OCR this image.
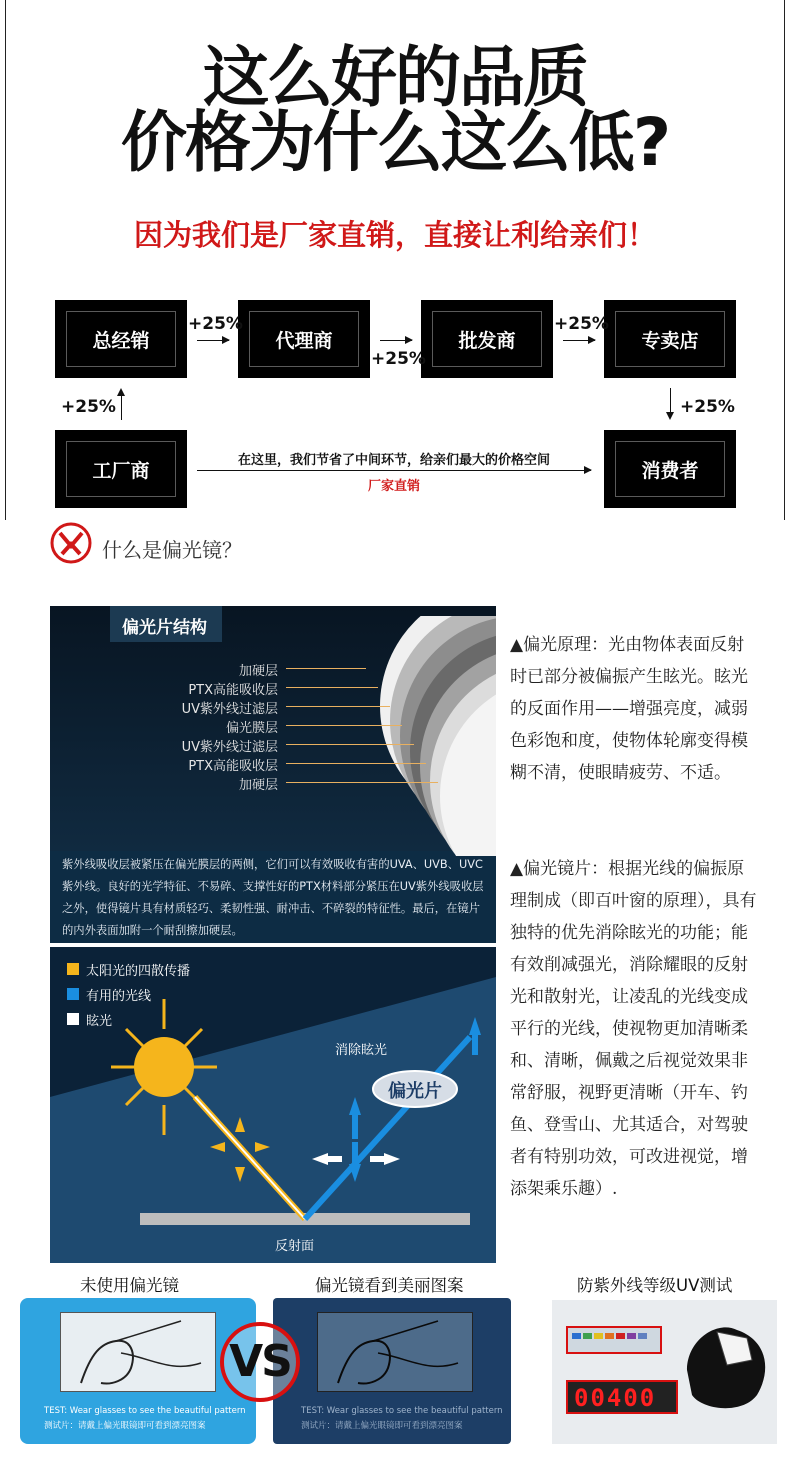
这么好的品质
价格为什么这么低?
因为我们是厂家直销，直接让利给亲们！
总经销	代理商	批发商	专卖店
工厂商	消费者
+25%
+25%
+25%
+25%	+25%
在这里，我们节省了中间环节，给亲们最大的价格空间
厂家直销
什么是偏光镜？
偏光片结构
加硬层
PTX高能吸收层
UV紫外线过滤层
偏光膜层
UV紫外线过滤层
PTX高能吸收层
加硬层
紫外线吸收层被紧压在偏光膜层的两侧，它们可以有效吸收有害的UVA、UVB、UVC紫外线。良好的光学特征、不易碎、支撑性好的PTX材料部分紧压在UV紫外线吸收层之外，使得镜片具有材质轻巧、柔韧性强、耐冲击、不碎裂的特征性。最后，在镜片的内外表面加附一个耐刮擦加硬层。
太阳光的四散传播
有用的光线
眩光
消除眩光
偏光片
反射面
▲偏光原理：光由物体表面反射时已部分被偏振产生眩光。眩光的反面作用——增强亮度，减弱色彩饱和度，使物体轮廓变得模糊不清，使眼睛疲劳、不适。
▲偏光镜片：根据光线的偏振原理制成（即百叶窗的原理），具有独特的优先消除眩光的功能；能有效削减强光，消除耀眼的反射光和散射光，让凌乱的光线变成平行的光线，使视物更加清晰柔和、清晰，佩戴之后视觉效果非常舒服，视野更清晰（开车、钓鱼、登雪山、尤其适合，对驾驶者有特别功效，可改进视觉，增添架乘乐趣）.
未使用偏光镜	偏光镜看到美丽图案	防紫外线等级UV测试
TEST: Wear glasses to see the beautiful pattern
测试片：请戴上偏光眼镜即可看到漂亮图案
TEST: Wear glasses to see the beautiful pattern
测试片：请戴上偏光眼镜即可看到漂亮图案
VS
00400
